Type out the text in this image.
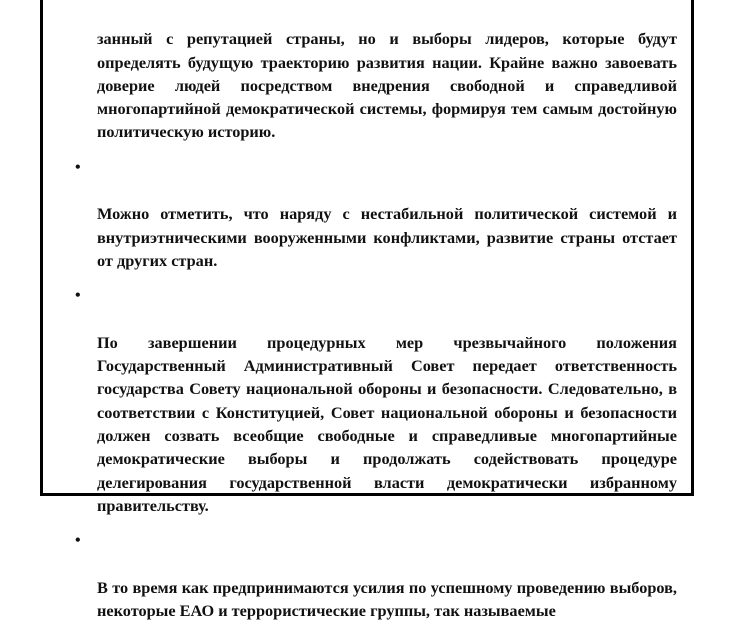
занный с репутацией страны, но и выборы лидеров, которые будут определять будущую траекторию развития нации. Крайне важно завоевать доверие людей посредством внедрения свободной и справедливой многопартийной демократической системы, формируя тем самым достойную политическую историю.

•

Можно отметить, что наряду с нестабильной политической системой и внутриэтническими вооруженными конфликтами, развитие страны отстает от других стран.

•

По завершении процедурных мер чрезвычайного положения Государственный Административный Совет передает ответственность государства Совету национальной обороны и безопасности. Следовательно, в соответствии с Конституцией, Совет национальной обороны и безопасности должен созвать всеобщие свободные и справедливые многопартийные демократические выборы и продолжать содействовать процедуре делегирования государственной власти демократически избранному правительству.

•

В то время как предпринимаются усилия по успешному проведению выборов, некоторые ЕАО и террористические группы, так называемые
